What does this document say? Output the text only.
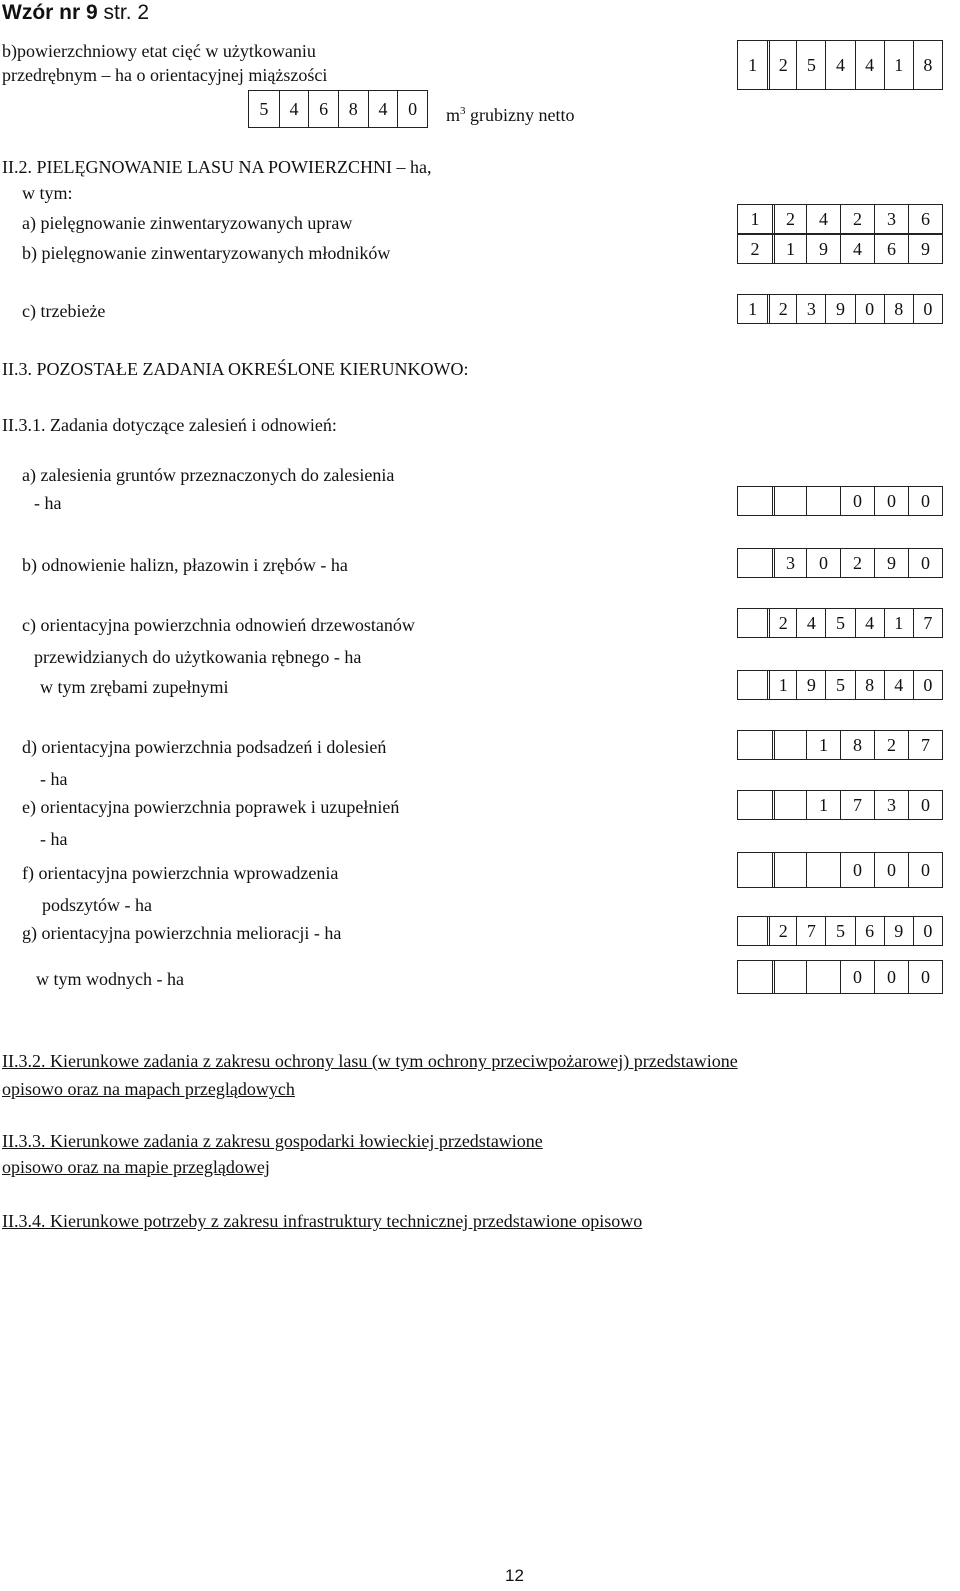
Wzór nr 9 str. 2
b)powierzchniowy etat cięć w użytkowaniu
przedrębnym – ha o orientacyjnej miąższości
1	2	5	4	4	1	8
5	4	6	8	4	0	$m^3$ grubizny netto
II.2. PIELĘGNOWANIE LASU NA POWIERZCHNI – ha,
w tym:
a) pielęgnowanie zinwentaryzowanych upraw	1	2	4	2	3	6
b) pielęgnowanie zinwentaryzowanych młodników	2	1	9	4	6	9
c) trzebieże	1	2	3	9	0	8	0
II.3. POZOSTAŁE ZADANIA OKREŚLONE KIERUNKOWO:
II.3.1. Zadania dotyczące zalesień i odnowień:
a) zalesienia gruntów przeznaczonych do zalesienia
- ha	0	0	0
b) odnowienie halizn, płazowin i zrębów - ha	3	0	2	9	0
c) orientacyjna powierzchnia odnowień drzewostanów	2	4	5	4	1	7
przewidzianych do użytkowania rębnego - ha
w tym zrębami zupełnymi	1	9	5	8	4	0
d) orientacyjna powierzchnia podsadzeń i dolesień	1	8	2	7
- ha
e) orientacyjna powierzchnia poprawek i uzupełnień	1	7	3	0
- ha
f) orientacyjna powierzchnia wprowadzenia	0	0	0
podszytów - ha
g) orientacyjna powierzchnia melioracji - ha	2	7	5	6	9	0
w tym wodnych - ha	0	0	0
II.3.2. Kierunkowe zadania z zakresu ochrony lasu (w tym ochrony przeciwpożarowej) przedstawione
opisowo oraz na mapach przeglądowych
II.3.3. Kierunkowe zadania z zakresu gospodarki łowieckiej przedstawione
opisowo oraz na mapie przeglądowej
II.3.4. Kierunkowe potrzeby z zakresu infrastruktury technicznej przedstawione opisowo
12
